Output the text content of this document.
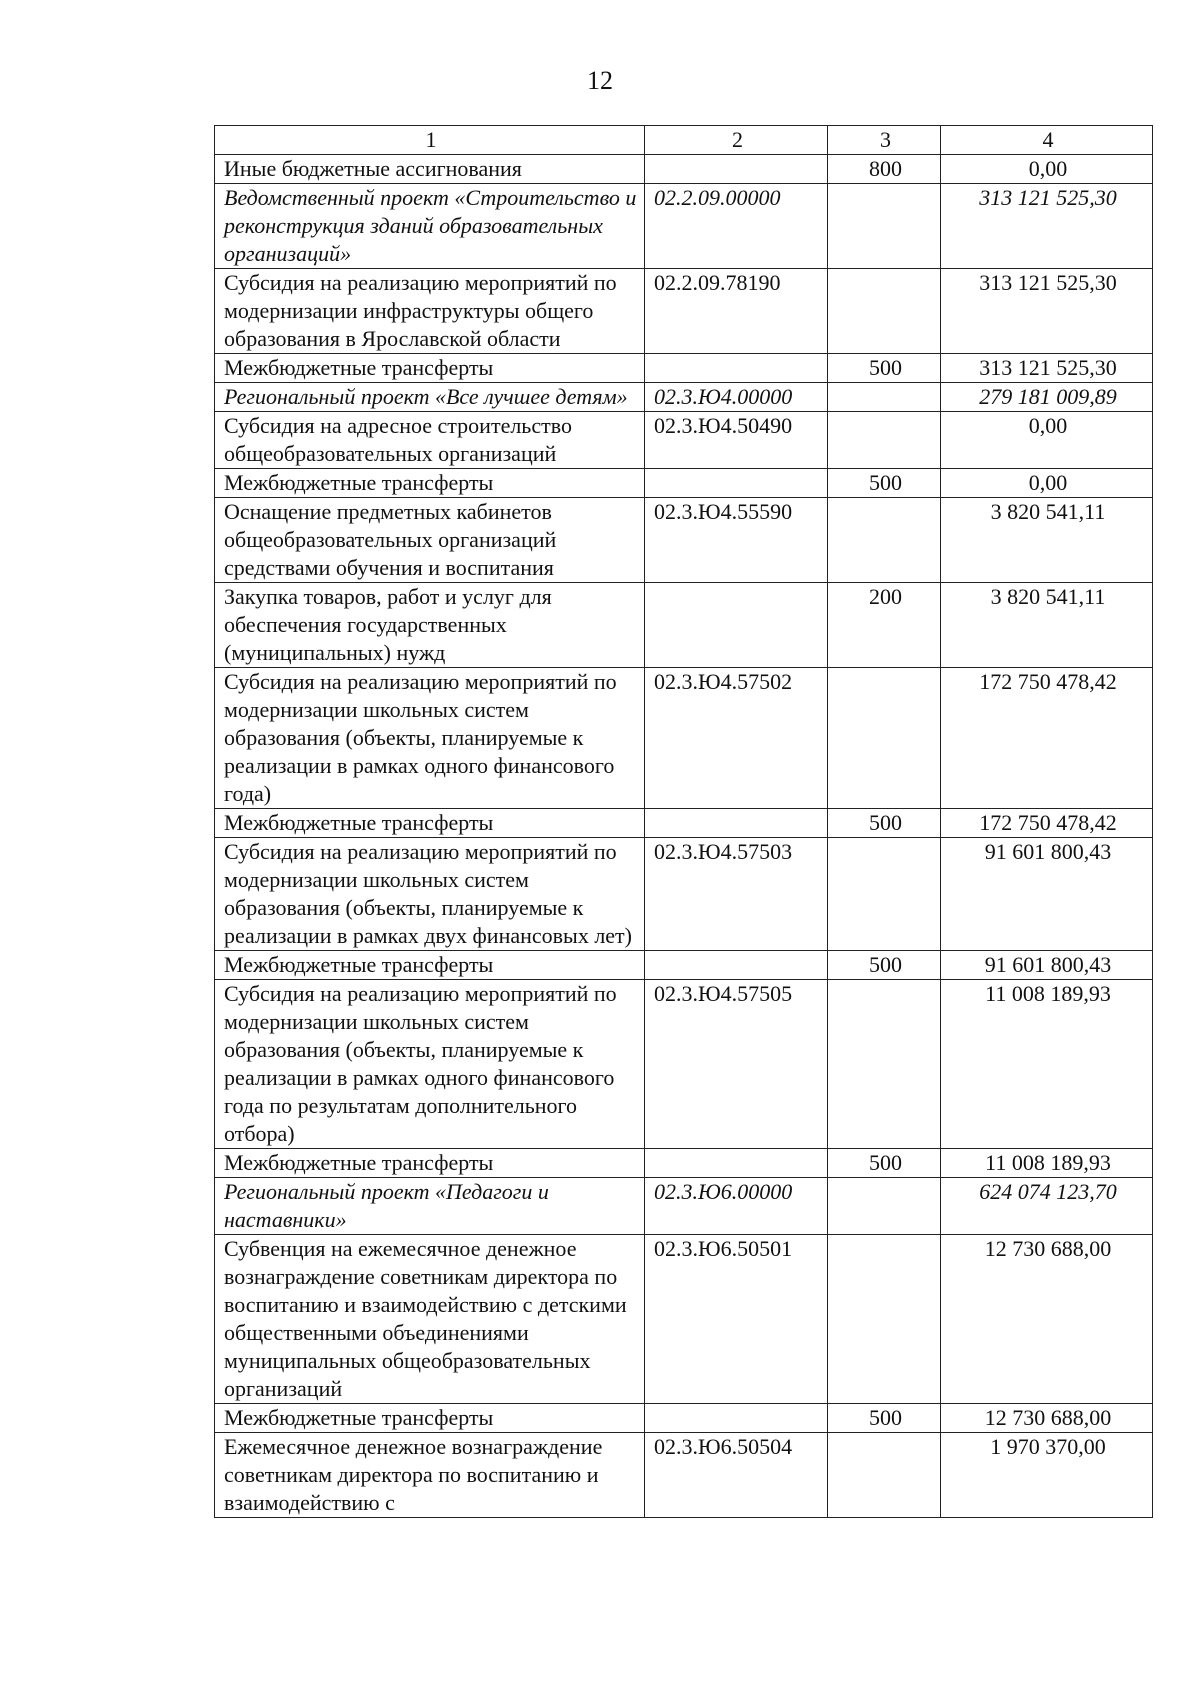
12
1	2	3	4
Иные бюджетные ассигнования		800	0,00
Ведомственный проект «Строительство и реконструкция зданий образовательных организаций»	02.2.09.00000		313 121 525,30
Субсидия на реализацию мероприятий по модернизации инфраструктуры общего образования в Ярославской области	02.2.09.78190		313 121 525,30
Межбюджетные трансферты		500	313 121 525,30
Региональный проект «Все лучшее детям»	02.3.Ю4.00000		279 181 009,89
Субсидия на адресное строительство общеобразовательных организаций	02.3.Ю4.50490		0,00
Межбюджетные трансферты		500	0,00
Оснащение предметных кабинетов общеобразовательных организаций средствами обучения и воспитания	02.3.Ю4.55590		3 820 541,11
Закупка товаров, работ и услуг для обеспечения государственных (муниципальных) нужд		200	3 820 541,11
Субсидия на реализацию мероприятий по модернизации школьных систем образования (объекты, планируемые к реализации в рамках одного финансового года)	02.3.Ю4.57502		172 750 478,42
Межбюджетные трансферты		500	172 750 478,42
Субсидия на реализацию мероприятий по модернизации школьных систем образования (объекты, планируемые к реализации в рамках двух финансовых лет)	02.3.Ю4.57503		91 601 800,43
Межбюджетные трансферты		500	91 601 800,43
Субсидия на реализацию мероприятий по модернизации школьных систем образования (объекты, планируемые к реализации в рамках одного финансового года по результатам дополнительного отбора)	02.3.Ю4.57505		11 008 189,93
Межбюджетные трансферты		500	11 008 189,93
Региональный проект «Педагоги и наставники»	02.3.Ю6.00000		624 074 123,70
Субвенция на ежемесячное денежное вознаграждение советникам директора по воспитанию и взаимодействию с детскими общественными объединениями муниципальных общеобразовательных организаций	02.3.Ю6.50501		12 730 688,00
Межбюджетные трансферты		500	12 730 688,00
Ежемесячное денежное вознаграждение советникам директора по воспитанию и взаимодействию с	02.3.Ю6.50504		1 970 370,00
